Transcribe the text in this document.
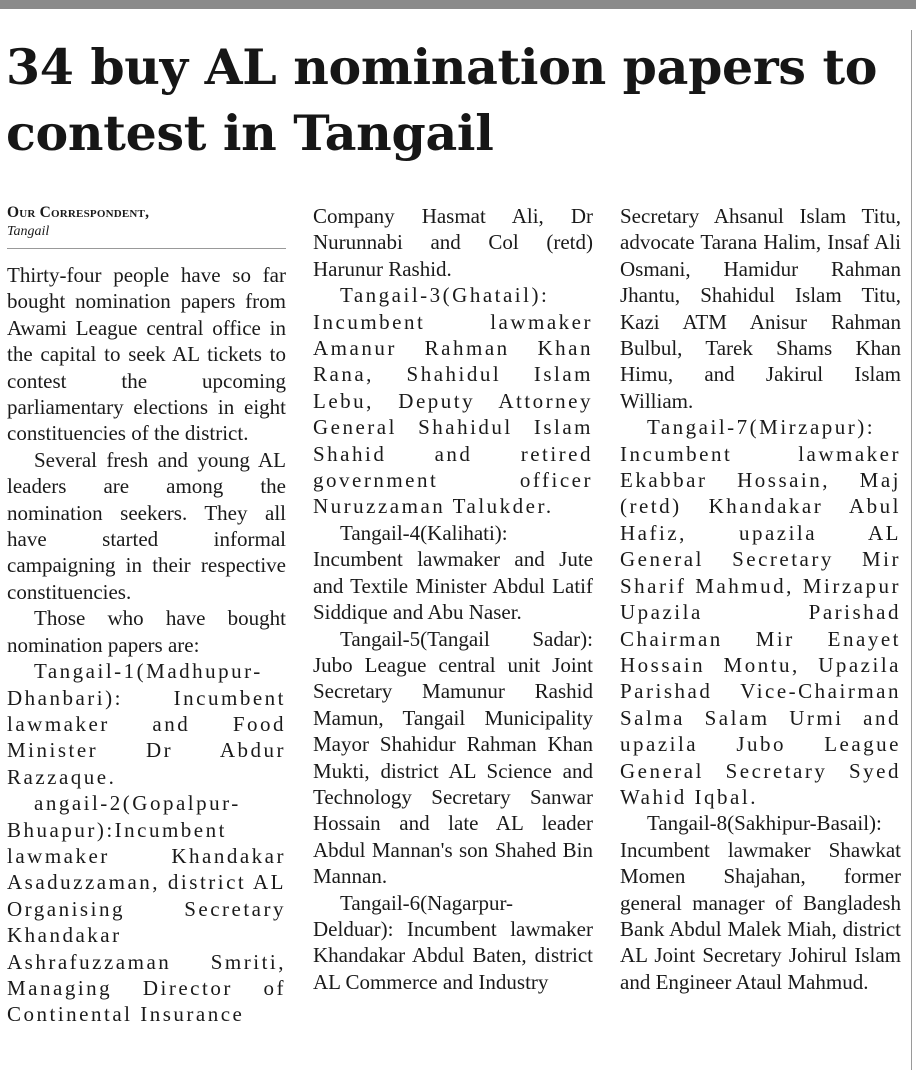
34 buy AL nomination papers to contest in Tangail
Our Correspondent,
Tangail

Thirty-four people have so far bought nomination papers from Awami League central office in the capital to seek AL tickets to contest the upcoming parliamentary elections in eight constituencies of the district.

Several fresh and young AL leaders are among the nomination seekers. They all have started informal campaigning in their respective constituencies.

Those who have bought nomination papers are:

Tangail-1(Madhupur-Dhanbari): Incumbent lawmaker and Food Minister Dr Abdur Razzaque.

angail-2(Gopalpur-Bhuapur):Incumbent lawmaker Khandakar Asaduzzaman, district AL Organising Secretary Khandakar Ashrafuzzaman Smriti, Managing Director of Continental Insurance

Company Hasmat Ali, Dr Nurunnabi and Col (retd) Harunur Rashid.

Tangail-3(Ghatail): Incumbent lawmaker Amanur Rahman Khan Rana, Shahidul Islam Lebu, Deputy Attorney General Shahidul Islam Shahid and retired government officer Nuruzzaman Talukder.

Tangail-4(Kalihati): Incumbent lawmaker and Jute and Textile Minister Abdul Latif Siddique and Abu Naser.

Tangail-5(Tangail Sadar): Jubo League central unit Joint Secretary Mamunur Rashid Mamun, Tangail Municipality Mayor Shahidur Rahman Khan Mukti, district AL Science and Technology Secretary Sanwar Hossain and late AL leader Abdul Mannan's son Shahed Bin Mannan.

Tangail-6(Nagarpur-Delduar): Incumbent lawmaker Khandakar Abdul Baten, district AL Commerce and Industry

Secretary Ahsanul Islam Titu, advocate Tarana Halim, Insaf Ali Osmani, Hamidur Rahman Jhantu, Shahidul Islam Titu, Kazi ATM Anisur Rahman Bulbul, Tarek Shams Khan Himu, and Jakirul Islam William.

Tangail-7(Mirzapur): Incumbent lawmaker Ekabbar Hossain, Maj (retd) Khandakar Abul Hafiz, upazila AL General Secretary Mir Sharif Mahmud, Mirzapur Upazila Parishad Chairman Mir Enayet Hossain Montu, Upazila Parishad Vice-Chairman Salma Salam Urmi and upazila Jubo League General Secretary Syed Wahid Iqbal.

Tangail-8(Sakhipur-Basail): Incumbent lawmaker Shawkat Momen Shajahan, former general manager of Bangladesh Bank Abdul Malek Miah, district AL Joint Secretary Johirul Islam and Engineer Ataul Mahmud.
